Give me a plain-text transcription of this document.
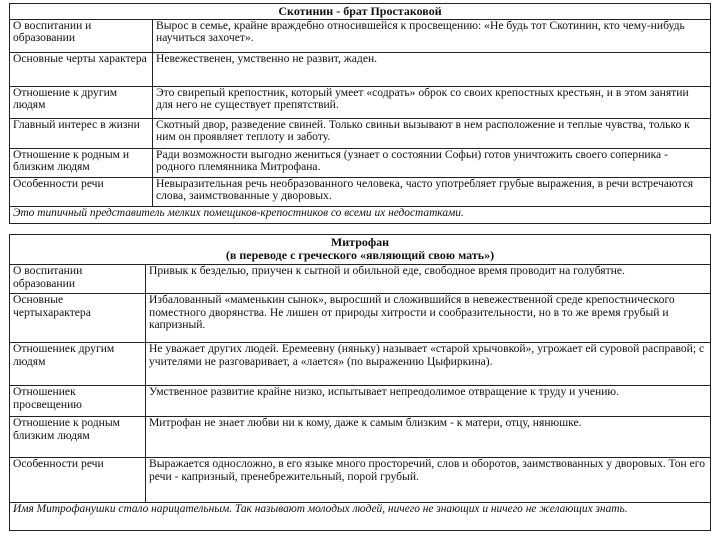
Скотинин - брат Простаковой	
О воспитании и образовании	Вырос в семье, крайне враждебно относившейся к просвещению: «Не будь тот Скотинин, кто чему-нибудь научиться захочет».
Основные черты характера	Невежественен, умственно не развит, жаден.
Отношение к другим людям	Это свирепый крепостник, который умеет «содрать» оброк со своих крепостных крестьян, и в этом занятии для него не существует препятствий.
Главный интерес в жизни	Скотный двор, разведение свиней. Только свиньи вызывают в нем расположение и теплые чувства, только к ним он проявляет теплоту и заботу.
Отношение к родным и близким людям	Ради возможности выгодно жениться (узнает о состоянии Софьи) готов уничтожить своего соперника - родного племянника Митрофана.
Особенности речи	Невыразительная речь необразованного человека, часто употребляет грубые выражения, в речи встречаются слова, заимствованные у дворовых.
Это типичный представитель мелких помещиков-крепостников со всеми их недостатками.	
Митрофан
(в переводе с греческого «являющий свою мать»)	

О воспитании образовании	Привык к безделью, приучен к сытной и обильной еде, свободное время проводит на голубятне.
Основные чертыхарактера	Избалованный «маменькин сынок», выросший и сложившийся в невежественной среде крепостнического поместного дворянства. Не лишен от природы хитрости и сообразительности, но в то же время грубый и капризный.
Отношениек другим людям	Не уважает других людей. Еремеевну (няньку) называет «старой хрычовкой», угрожает ей суровой расправой; с учителями не разговаривает, а «лается» (по выражению Цыфиркина).
Отношениек просвещению	Умственное развитие крайне низко, испытывает непреодолимое отвращение к труду и учению.
Отношение к родным близким людям	Митрофан не знает любви ни к кому, даже к самым близким - к матери, отцу, нянюшке.
Особенности речи	Выражается односложно, в его языке много просторечий, слов и оборотов, заимствованных у дворовых. Тон его речи - капризный, пренебрежительный, порой грубый.
Имя Митрофанушки стало нарицательным. Так называют молодых людей, ничего не знающих и ничего не желающих знать.	
